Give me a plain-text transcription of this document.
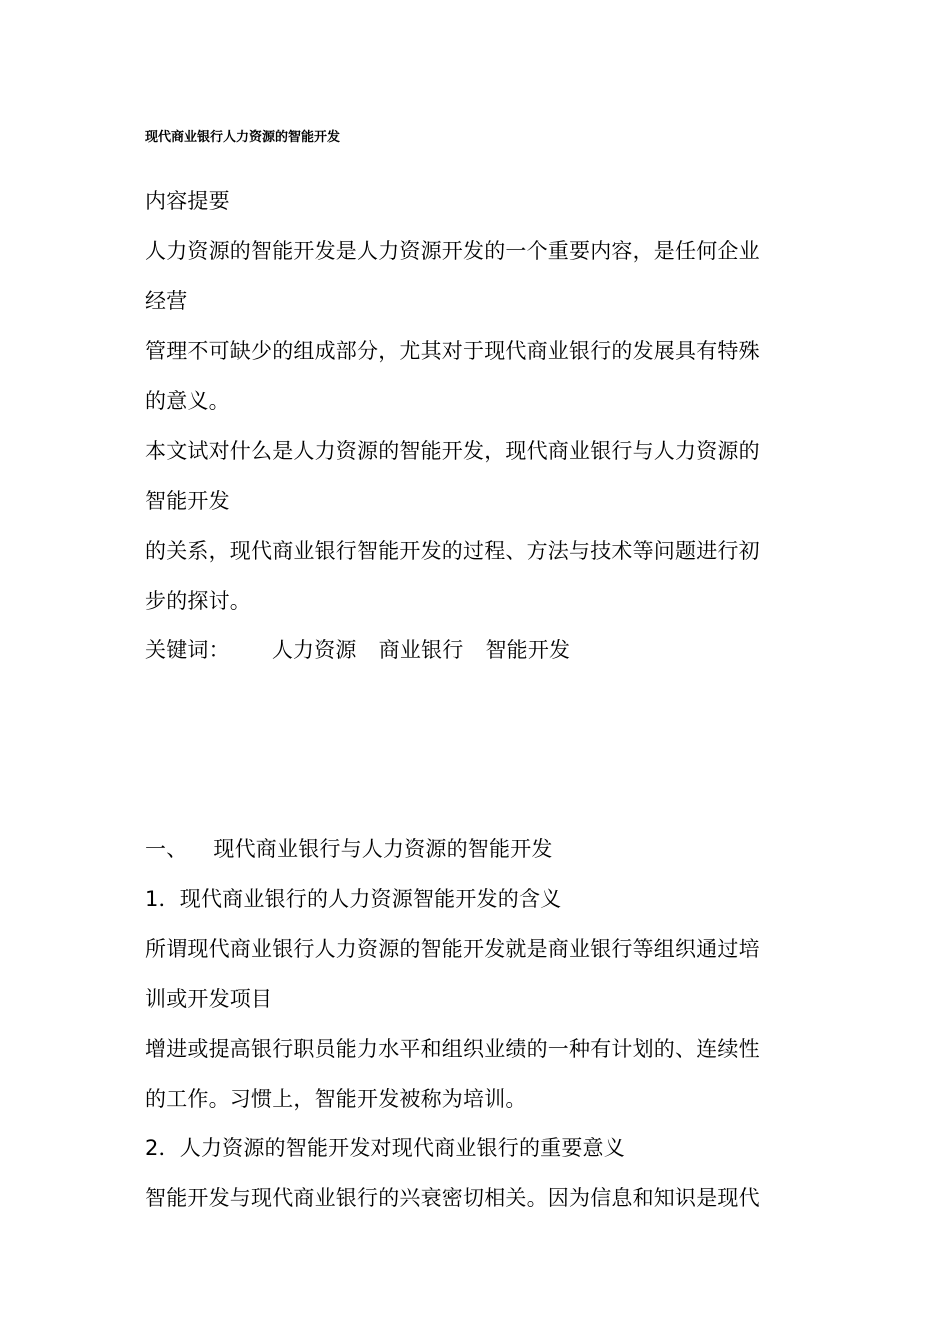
现代商业银行人力资源的智能开发
内容提要
人力资源的智能开发是人力资源开发的一个重要内容，是任何企业
经营
管理不可缺少的组成部分，尤其对于现代商业银行的发展具有特殊
的意义。
本文试对什么是人力资源的智能开发，现代商业银行与人力资源的
智能开发
的关系，现代商业银行智能开发的过程、方法与技术等问题进行初
步的探讨。
关键词： 人力资源 商业银行 智能开发
一、 现代商业银行与人力资源的智能开发
1．现代商业银行的人力资源智能开发的含义
所谓现代商业银行人力资源的智能开发就是商业银行等组织通过培
训或开发项目
增进或提高银行职员能力水平和组织业绩的一种有计划的、连续性
的工作。习惯上，智能开发被称为培训。
2．人力资源的智能开发对现代商业银行的重要意义
智能开发与现代商业银行的兴衰密切相关。因为信息和知识是现代
